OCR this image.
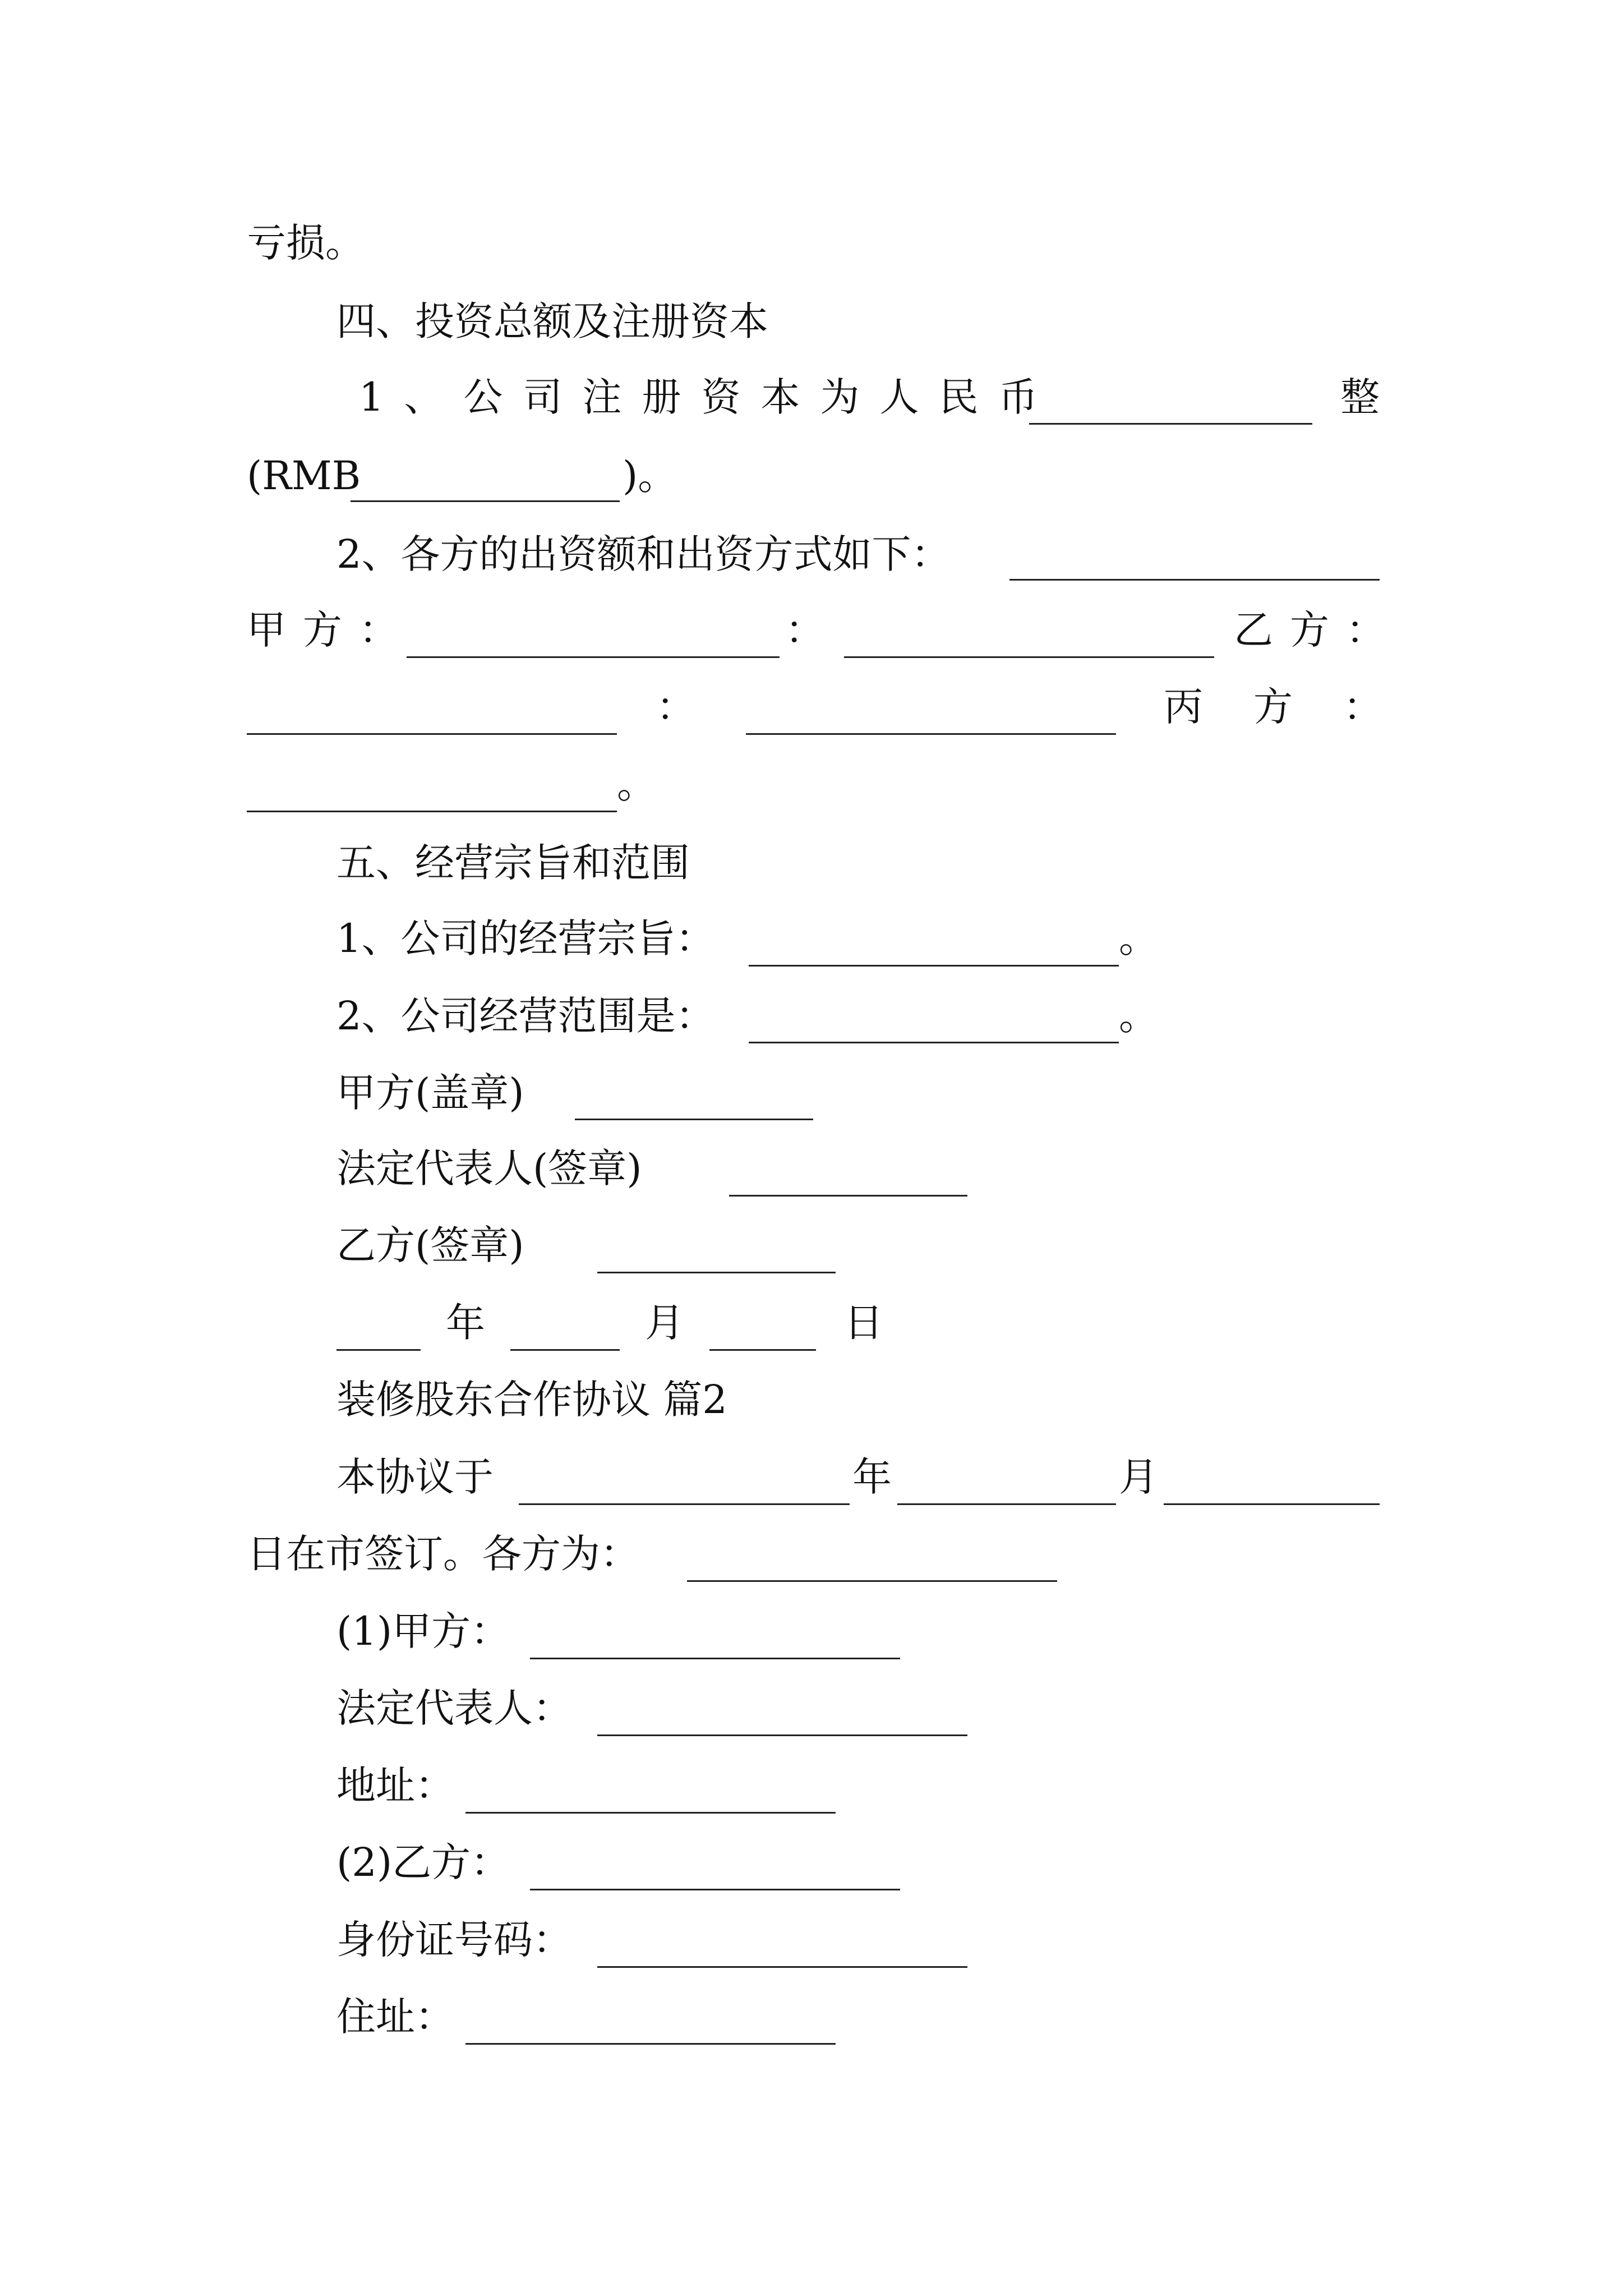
亏损。
四、投资总额及注册资本
1、公司注册资本为人民币	整
(RMB	)。
2、各方的出资额和出资方式如下：
甲方：	：	乙方：
：	丙方：
。
五、经营宗旨和范围
1、公司的经营宗旨：	。
2、公司经营范围是：	。
甲方(盖章)
法定代表人(签章)
乙方(签章)
年	月	日
装修股东合作协议 篇2
本协议于	年	月
日在市签订。各方为：
(1)甲方：
法定代表人：
地址：
(2)乙方：
身份证号码：
住址：
